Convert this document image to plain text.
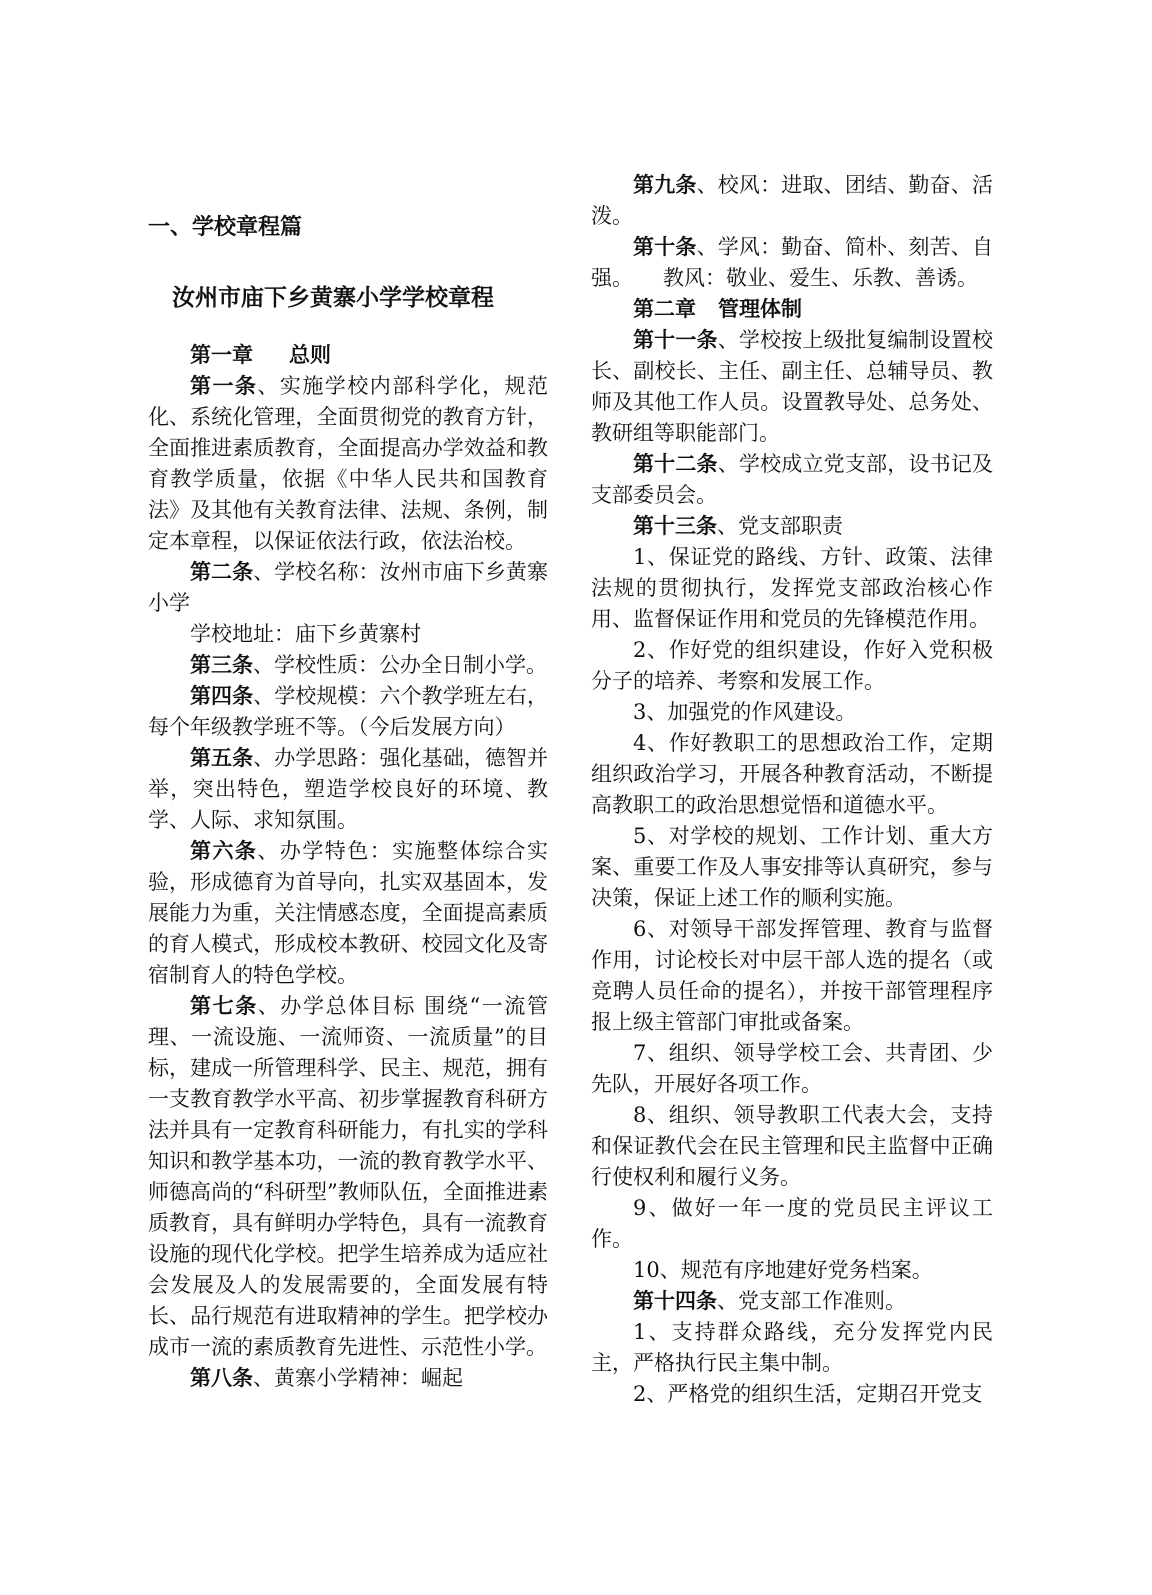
一、学校章程篇
汝州市庙下乡黄寨小学学校章程
第一章 总则

第一条、实施学校内部科学化，规范化、系统化管理，全面贯彻党的教育方针，全面推进素质教育，全面提高办学效益和教育教学质量，依据《中华人民共和国教育法》及其他有关教育法律、法规、条例，制定本章程，以保证依法行政，依法治校。

第二条、学校名称：汝州市庙下乡黄寨小学

学校地址：庙下乡黄寨村

第三条、学校性质：公办全日制小学。

第四条、学校规模：六个教学班左右，每个年级教学班不等。（今后发展方向）

第五条、办学思路：强化基础，德智并举，突出特色，塑造学校良好的环境、教学、人际、求知氛围。

第六条、办学特色：实施整体综合实验，形成德育为首导向，扎实双基固本，发展能力为重，关注情感态度，全面提高素质的育人模式，形成校本教研、校园文化及寄宿制育人的特色学校。

第七条、办学总体目标 围绕“一流管理、一流设施、一流师资、一流质量”的目标，建成一所管理科学、民主、规范，拥有一支教育教学水平高、初步掌握教育科研方法并具有一定教育科研能力，有扎实的学科知识和教学基本功，一流的教育教学水平、师德高尚的“科研型”教师队伍，全面推进素质教育，具有鲜明办学特色，具有一流教育设施的现代化学校。把学生培养成为适应社会发展及人的发展需要的，全面发展有特长、品行规范有进取精神的学生。把学校办成市一流的素质教育先进性、示范性小学。

第八条、黄寨小学精神：崛起

第九条、校风：进取、团结、勤奋、活泼。

第十条、学风：勤奋、简朴、刻苦、自强。 教风：敬业、爱生、乐教、善诱。

第二章 管理体制

第十一条、学校按上级批复编制设置校长、副校长、主任、副主任、总辅导员、教师及其他工作人员。设置教导处、总务处、教研组等职能部门。

第十二条、学校成立党支部，设书记及支部委员会。

第十三条、党支部职责

1、保证党的路线、方针、政策、法律法规的贯彻执行，发挥党支部政治核心作用、监督保证作用和党员的先锋模范作用。

2、作好党的组织建设，作好入党积极分子的培养、考察和发展工作。

3、加强党的作风建设。

4、作好教职工的思想政治工作，定期组织政治学习，开展各种教育活动，不断提高教职工的政治思想觉悟和道德水平。

5、对学校的规划、工作计划、重大方案、重要工作及人事安排等认真研究，参与决策，保证上述工作的顺利实施。

6、对领导干部发挥管理、教育与监督作用，讨论校长对中层干部人选的提名（或竞聘人员任命的提名），并按干部管理程序报上级主管部门审批或备案。

7、组织、领导学校工会、共青团、少先队，开展好各项工作。

8、组织、领导教职工代表大会，支持和保证教代会在民主管理和民主监督中正确行使权利和履行义务。

9、做好一年一度的党员民主评议工作。

10、规范有序地建好党务档案。

第十四条、党支部工作准则。

1、支持群众路线，充分发挥党内民主，严格执行民主集中制。

2、严格党的组织生活，定期召开党支
